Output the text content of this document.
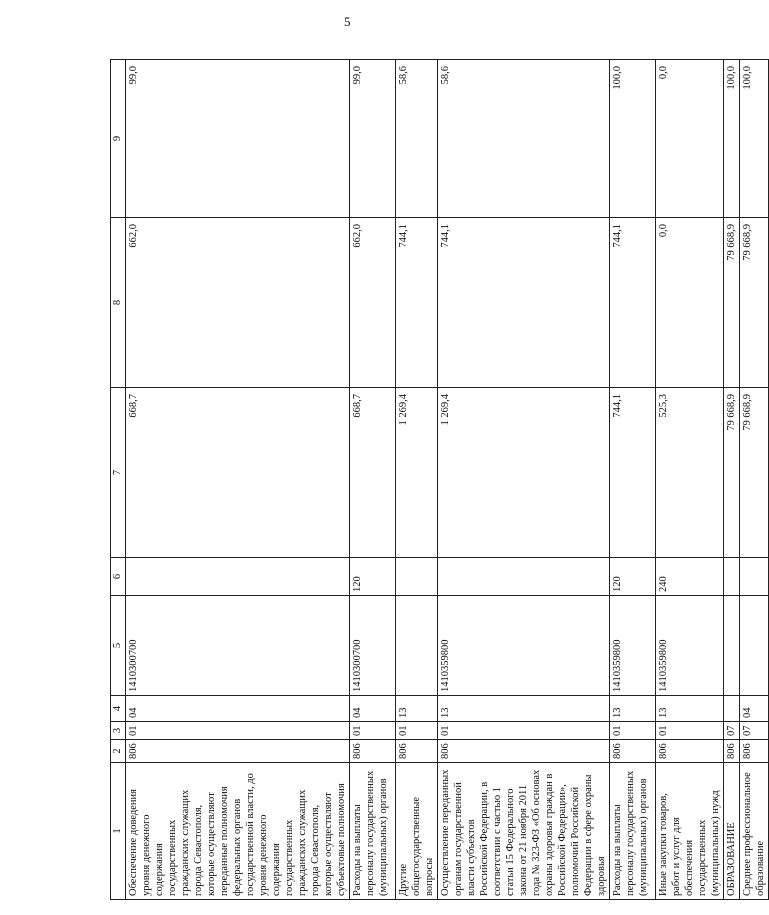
5
1	2	3	4	5	6	7	8	9
Обеспечение доведения уровня денежного содержания государственных гражданских служащих города Севастополя, которые осуществляют переданные полномочия федеральных органов государственной власти, до уровня денежного содержания государственных гражданских служащих города Севастополя, которые осуществляют субъектовые полномочия	806	01	04	1410300700		668,7	662,0	99,0
Расходы на выплаты персоналу государственных (муниципальных) органов	806	01	04	1410300700	120	668,7	662,0	99,0
Другие общегосударственные вопросы	806	01	13			1 269,4	744,1	58,6
Осуществление переданных органам государственной власти субъектов Российской Федерации, в соответствии с частью 1 статьи 15 Федерального закона от 21 ноября 2011 года № 323-ФЗ «Об основах охраны здоровья граждан в Российской Федерации», полномочий Российской Федерации в сфере охраны здоровья	806	01	13	1410359800		1 269,4	744,1	58,6
Расходы на выплаты персоналу государственных (муниципальных) органов	806	01	13	1410359800	120	744,1	744,1	100,0
Иные закупки товаров, работ и услуг для обеспечения государственных (муниципальных) нужд	806	01	13	1410359800	240	525,3	0,0	0,0
ОБРАЗОВАНИЕ	806	07				79 668,9	79 668,9	100,0
Среднее профессиональное образование	806	07	04			79 668,9	79 668,9	100,0
